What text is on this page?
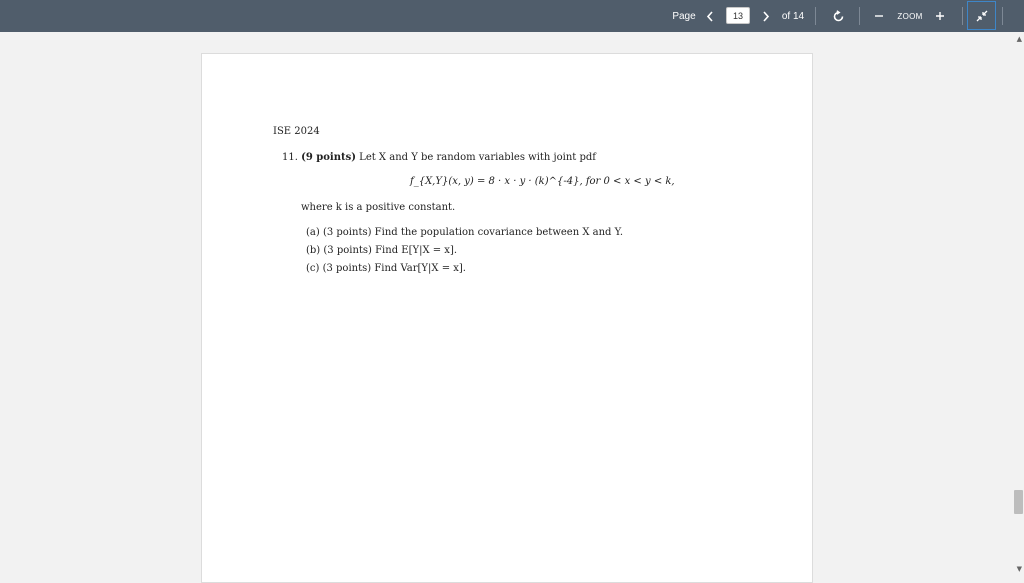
Page	13	of 14	ZOOM
ISE 2024
11. (9 points) Let X and Y be random variables with joint pdf
f_{X,Y}(x, y) = 8 · x · y · (k)^{-4}, for 0 < x < y < k,
where k is a positive constant.
(a) (3 points) Find the population covariance between X and Y.
(b) (3 points) Find E[Y|X = x].
(c) (3 points) Find Var[Y|X = x].
▲
▼
